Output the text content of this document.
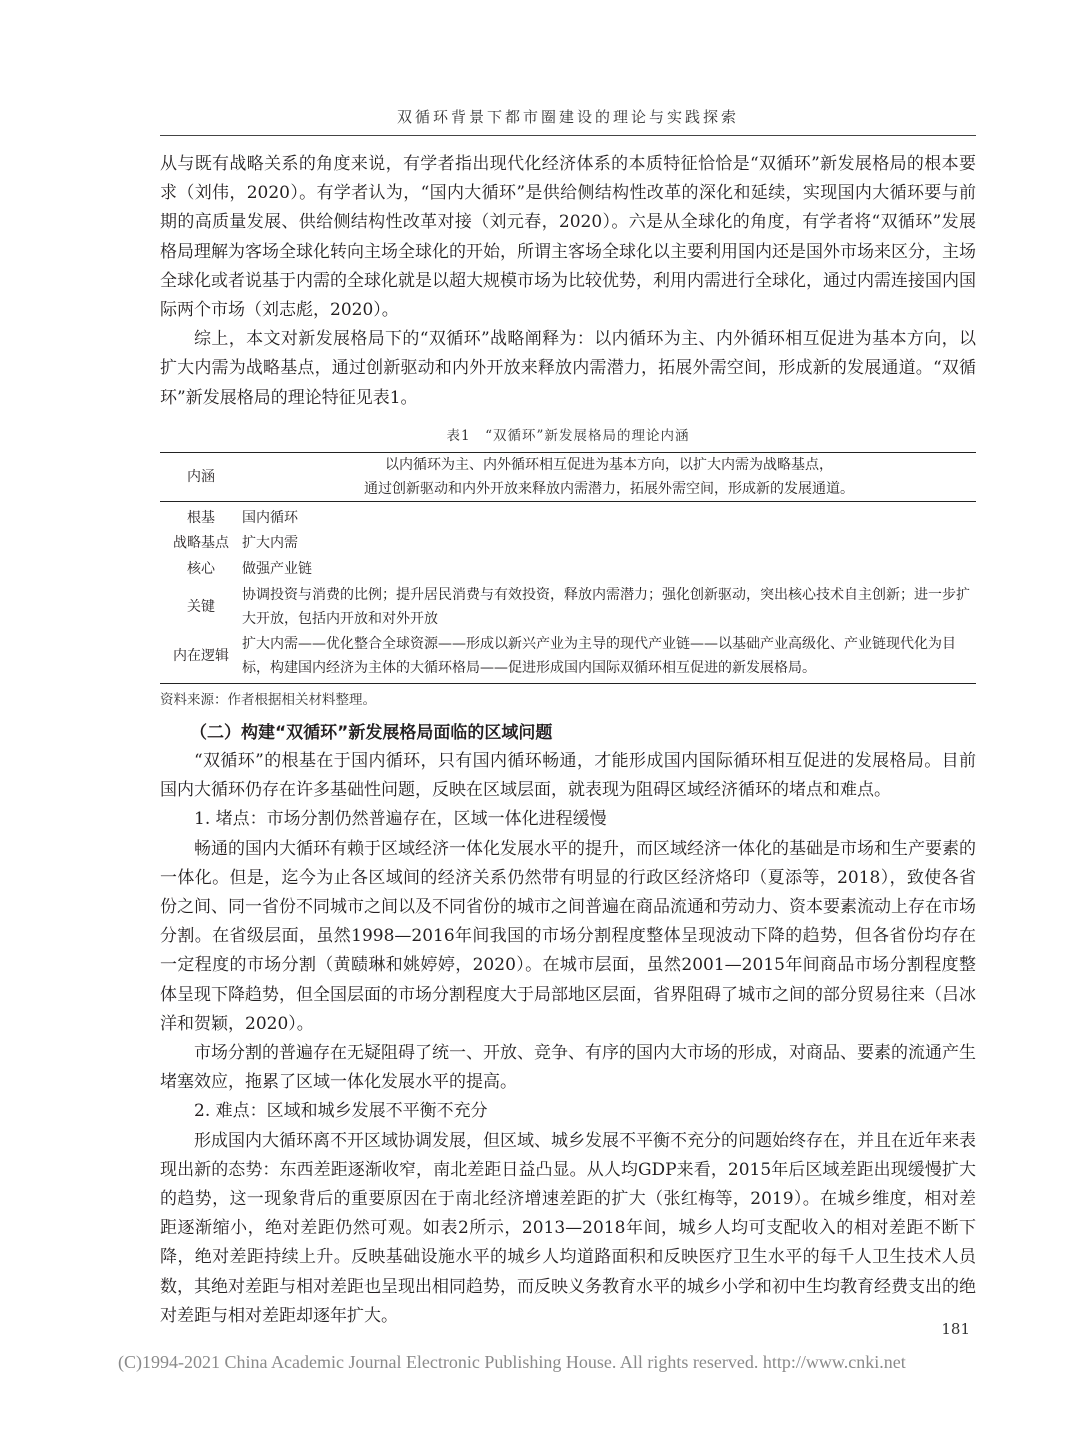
双循环背景下都市圈建设的理论与实践探索

从与既有战略关系的角度来说，有学者指出现代化经济体系的本质特征恰恰是“双循环”新发展格局的根本要求（刘伟，2020）。有学者认为，“国内大循环”是供给侧结构性改革的深化和延续，实现国内大循环要与前期的高质量发展、供给侧结构性改革对接（刘元春，2020）。六是从全球化的角度，有学者将“双循环”发展格局理解为客场全球化转向主场全球化的开始，所谓主客场全球化以主要利用国内还是国外市场来区分，主场全球化或者说基于内需的全球化就是以超大规模市场为比较优势，利用内需进行全球化，通过内需连接国内国际两个市场（刘志彪，2020）。

综上，本文对新发展格局下的“双循环”战略阐释为：以内循环为主、内外循环相互促进为基本方向，以扩大内需为战略基点，通过创新驱动和内外开放来释放内需潜力，拓展外需空间，形成新的发展通道。“双循环”新发展格局的理论特征见表1。

表1　“双循环”新发展格局的理论内涵
内涵	以内循环为主、内外循环相互促进为基本方向，以扩大内需为战略基点，
通过创新驱动和内外开放来释放内需潜力，拓展外需空间，形成新的发展通道。

根基	国内循环
战略基点	扩大内需
核心	做强产业链
关键	协调投资与消费的比例；提升居民消费与有效投资，释放内需潜力；强化创新驱动，突出核心技术自主创新；进一步扩大开放，包括内开放和对外开放
内在逻辑	扩大内需——优化整合全球资源——形成以新兴产业为主导的现代产业链——以基础产业高级化、产业链现代化为目标，构建国内经济为主体的大循环格局——促进形成国内国际双循环相互促进的新发展格局。
资料来源：作者根据相关材料整理。
（二）构建“双循环”新发展格局面临的区域问题

“双循环”的根基在于国内循环，只有国内循环畅通，才能形成国内国际循环相互促进的发展格局。目前国内大循环仍存在许多基础性问题，反映在区域层面，就表现为阻碍区域经济循环的堵点和难点。

1. 堵点：市场分割仍然普遍存在，区域一体化进程缓慢

畅通的国内大循环有赖于区域经济一体化发展水平的提升，而区域经济一体化的基础是市场和生产要素的一体化。但是，迄今为止各区域间的经济关系仍然带有明显的行政区经济烙印（夏添等，2018），致使各省份之间、同一省份不同城市之间以及不同省份的城市之间普遍在商品流通和劳动力、资本要素流动上存在市场分割。在省级层面，虽然1998—2016年间我国的市场分割程度整体呈现波动下降的趋势，但各省份均存在一定程度的市场分割（黄赜琳和姚婷婷，2020）。在城市层面，虽然2001—2015年间商品市场分割程度整体呈现下降趋势，但全国层面的市场分割程度大于局部地区层面，省界阻碍了城市之间的部分贸易往来（吕冰洋和贺颖，2020）。

市场分割的普遍存在无疑阻碍了统一、开放、竞争、有序的国内大市场的形成，对商品、要素的流通产生堵塞效应，拖累了区域一体化发展水平的提高。

2. 难点：区域和城乡发展不平衡不充分

形成国内大循环离不开区域协调发展，但区域、城乡发展不平衡不充分的问题始终存在，并且在近年来表现出新的态势：东西差距逐渐收窄，南北差距日益凸显。从人均GDP来看，2015年后区域差距出现缓慢扩大的趋势，这一现象背后的重要原因在于南北经济增速差距的扩大（张红梅等，2019）。在城乡维度，相对差距逐渐缩小，绝对差距仍然可观。如表2所示，2013—2018年间，城乡人均可支配收入的相对差距不断下降，绝对差距持续上升。反映基础设施水平的城乡人均道路面积和反映医疗卫生水平的每千人卫生技术人员数，其绝对差距与相对差距也呈现出相同趋势，而反映义务教育水平的城乡小学和初中生均教育经费支出的绝对差距与相对差距却逐年扩大。

181
(C)1994-2021 China Academic Journal Electronic Publishing House. All rights reserved. http://www.cnki.net
